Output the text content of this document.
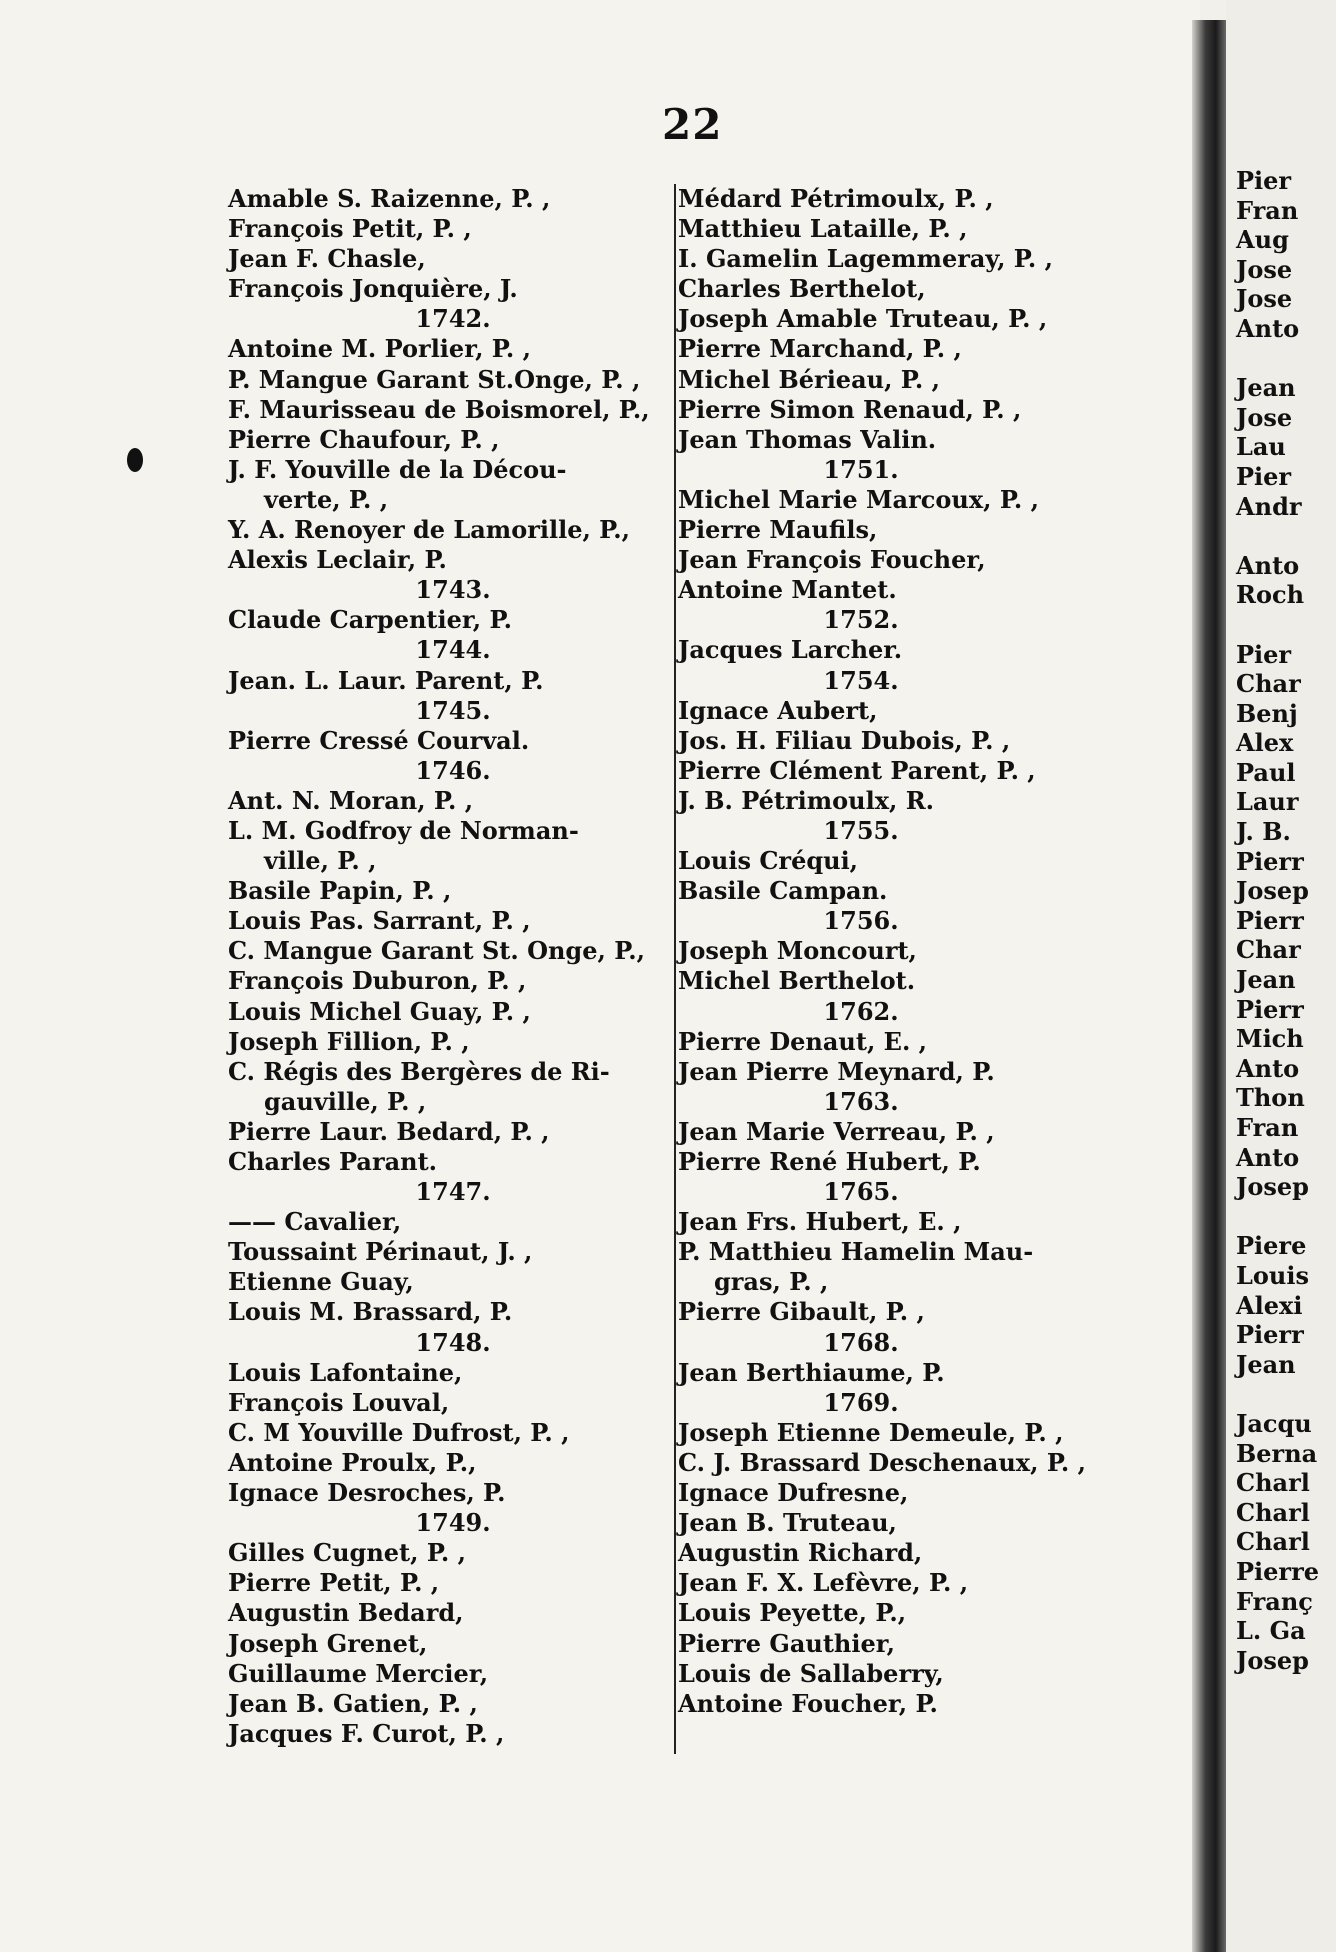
22
Amable S. Raizenne, P. ,
François Petit, P. ,
Jean F. Chasle,
François Jonquière, J.
1742.
Antoine M. Porlier, P. ,
P. Mangue Garant St.Onge, P. ,
F. Maurisseau de Boismorel, P.,
Pierre Chaufour, P. ,
J. F. Youville de la Décou-
verte, P. ,
Y. A. Renoyer de Lamorille, P.,
Alexis Leclair, P.
1743.
Claude Carpentier, P.
1744.
Jean. L. Laur. Parent, P.
1745.
Pierre Cressé Courval.
1746.
Ant. N. Moran, P. ,
L. M. Godfroy de Norman-
ville, P. ,
Basile Papin, P. ,
Louis Pas. Sarrant, P. ,
C. Mangue Garant St. Onge, P.,
François Duburon, P. ,
Louis Michel Guay, P. ,
Joseph Fillion, P. ,
C. Régis des Bergères de Ri-
gauville, P. ,
Pierre Laur. Bedard, P. ,
Charles Parant.
1747.
—— Cavalier,
Toussaint Périnaut, J. ,
Etienne Guay,
Louis M. Brassard, P.
1748.
Louis Lafontaine,
François Louval,
C. M Youville Dufrost, P. ,
Antoine Proulx, P.,
Ignace Desroches, P.
1749.
Gilles Cugnet, P. ,
Pierre Petit, P. ,
Augustin Bedard,
Joseph Grenet,
Guillaume Mercier,
Jean B. Gatien, P. ,
Jacques F. Curot, P. ,
Médard Pétrimoulx, P. ,
Matthieu Lataille, P. ,
I. Gamelin Lagemmeray, P. ,
Charles Berthelot,
Joseph Amable Truteau, P. ,
Pierre Marchand, P. ,
Michel Bérieau, P. ,
Pierre Simon Renaud, P. ,
Jean Thomas Valin.
1751.
Michel Marie Marcoux, P. ,
Pierre Maufils,
Jean François Foucher,
Antoine Mantet.
1752.
Jacques Larcher.
1754.
Ignace Aubert,
Jos. H. Filiau Dubois, P. ,
Pierre Clément Parent, P. ,
J. B. Pétrimoulx, R.
1755.
Louis Créqui,
Basile Campan.
1756.
Joseph Moncourt,
Michel Berthelot.
1762.
Pierre Denaut, E. ,
Jean Pierre Meynard, P.
1763.
Jean Marie Verreau, P. ,
Pierre René Hubert, P.
1765.
Jean Frs. Hubert, E. ,
P. Matthieu Hamelin Mau-
gras, P. ,
Pierre Gibault, P. ,
1768.
Jean Berthiaume, P.
1769.
Joseph Etienne Demeule, P. ,
C. J. Brassard Deschenaux, P. ,
Ignace Dufresne,
Jean B. Truteau,
Augustin Richard,
Jean F. X. Lefèvre, P. ,
Louis Peyette, P.,
Pierre Gauthier,
Louis de Sallaberry,
Antoine Foucher, P.
Pier
Fran
Aug
Jose
Jose
Anto
Jean
Jose
Lau
Pier
Andr
Anto
Roch
Pier
Char
Benj
Alex
Paul
Laur
J. B.
Pierr
Josep
Pierr
Char
Jean
Pierr
Mich
Anto
Thon
Fran
Anto
Josep
Piere
Louis
Alexi
Pierr
Jean
Jacqu
Berna
Charl
Charl
Charl
Pierre
Franç
L. Ga
Josep
